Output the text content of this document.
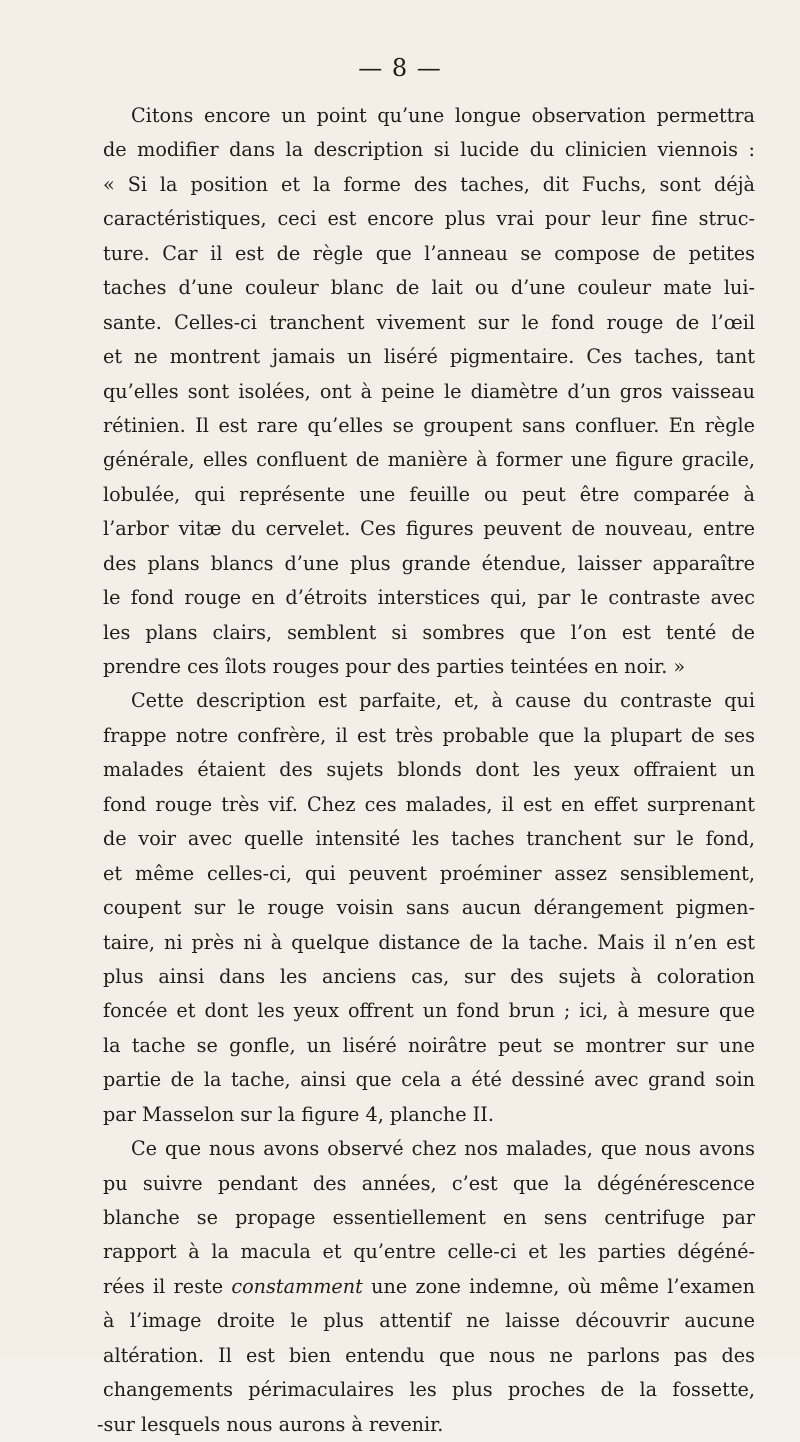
— 8 —
Citons encore un point qu’une longue observation permettra
de modifier dans la description si lucide du clinicien viennois :
« Si la position et la forme des taches, dit Fuchs, sont déjà
caractéristiques, ceci est encore plus vrai pour leur fine struc-
ture. Car il est de règle que l’anneau se compose de petites
taches d’une couleur blanc de lait ou d’une couleur mate lui-
sante. Celles-ci tranchent vivement sur le fond rouge de l’œil
et ne montrent jamais un liséré pigmentaire. Ces taches, tant
qu’elles sont isolées, ont à peine le diamètre d’un gros vaisseau
rétinien. Il est rare qu’elles se groupent sans confluer. En règle
générale, elles confluent de manière à former une figure gracile,
lobulée, qui représente une feuille ou peut être comparée à
l’arbor vitæ du cervelet. Ces figures peuvent de nouveau, entre
des plans blancs d’une plus grande étendue, laisser apparaître
le fond rouge en d’étroits interstices qui, par le contraste avec
les plans clairs, semblent si sombres que l’on est tenté de
prendre ces îlots rouges pour des parties teintées en noir. »
Cette description est parfaite, et, à cause du contraste qui
frappe notre confrère, il est très probable que la plupart de ses
malades étaient des sujets blonds dont les yeux offraient un
fond rouge très vif. Chez ces malades, il est en effet surprenant
de voir avec quelle intensité les taches tranchent sur le fond,
et même celles-ci, qui peuvent proéminer assez sensiblement,
coupent sur le rouge voisin sans aucun dérangement pigmen-
taire, ni près ni à quelque distance de la tache. Mais il n’en est
plus ainsi dans les anciens cas, sur des sujets à coloration
foncée et dont les yeux offrent un fond brun ; ici, à mesure que
la tache se gonfle, un liséré noirâtre peut se montrer sur une
partie de la tache, ainsi que cela a été dessiné avec grand soin
par Masselon sur la figure 4, planche II.
Ce que nous avons observé chez nos malades, que nous avons
pu suivre pendant des années, c’est que la dégénérescence
blanche se propage essentiellement en sens centrifuge par
rapport à la macula et qu’entre celle-ci et les parties dégéné-
rées il reste constamment une zone indemne, où même l’examen
à l’image droite le plus attentif ne laisse découvrir aucune
altération. Il est bien entendu que nous ne parlons pas des
changements périmaculaires les plus proches de la fossette,
-sur lesquels nous aurons à revenir.
